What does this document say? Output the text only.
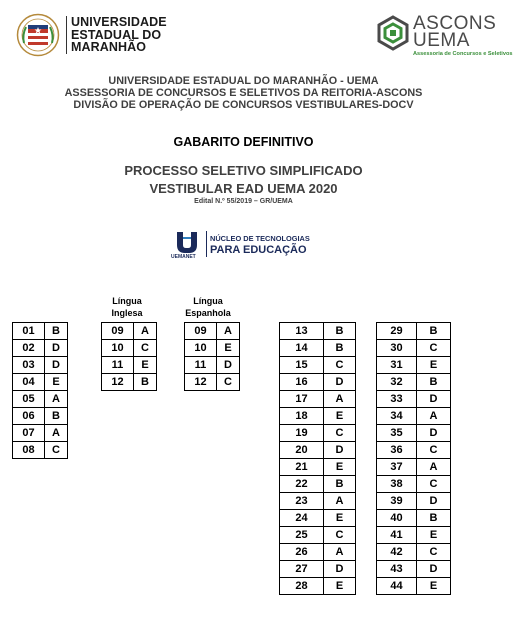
UNIVERSIDADE
ESTADUAL DO
MARANHÃO
ASCONS
UEMA
Assessoria de Concursos e Seletivos
UNIVERSIDADE ESTADUAL DO MARANHÃO - UEMA
ASSESSORIA DE CONCURSOS E SELETIVOS DA REITORIA-ASCONS
DIVISÃO DE OPERAÇÃO DE CONCURSOS VESTIBULARES-DOCV
GABARITO DEFINITIVO
PROCESSO SELETIVO SIMPLIFICADO
VESTIBULAR EAD UEMA 2020
Edital N.º 55/2019 – GR/UEMA
UEMANET
NÚCLEO DE TECNOLOGIAS
PARA EDUCAÇÃO
Língua
Inglesa
Língua
Espanhola
01	B
02	D
03	D
04	E
05	A
06	B
07	A
08	C
09	A
10	C
11	E
12	B
09	A
10	E
11	D
12	C
13	B
14	B
15	C
16	D
17	A
18	E
19	C
20	D
21	E
22	B
23	A
24	E
25	C
26	A
27	D
28	E
29	B
30	C
31	E
32	B
33	D
34	A
35	D
36	C
37	A
38	C
39	D
40	B
41	E
42	C
43	D
44	E
